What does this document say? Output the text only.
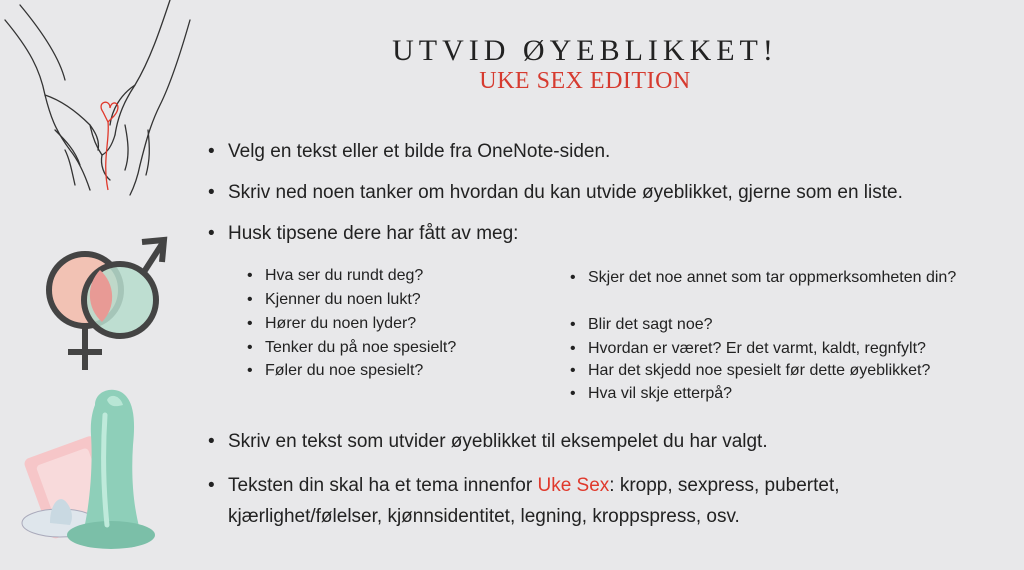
UTVID ØYEBLIKKET!
UKE SEX EDITION
• Velg en tekst eller et bilde fra OneNote-siden.
• Skriv ned noen tanker om hvordan du kan utvide øyeblikket, gjerne som en liste.
• Husk tipsene dere har fått av meg:
• Hva ser du rundt deg?
• Kjenner du noen lukt?
• Hører du noen lyder?
• Tenker du på noe spesielt?
• Føler du noe spesielt?
• Skjer det noe annet som tar oppmerksomheten din?
• Blir det sagt noe?
• Hvordan er været? Er det varmt, kaldt, regnfylt?
• Har det skjedd noe spesielt før dette øyeblikket?
• Hva vil skje etterpå?
• Skriv en tekst som utvider øyeblikket til eksempelet du har valgt.
• Teksten din skal ha et tema innenfor Uke Sex: kropp, sexpress, pubertet, kjærlighet/følelser, kjønnsidentitet, legning, kroppspress, osv.
